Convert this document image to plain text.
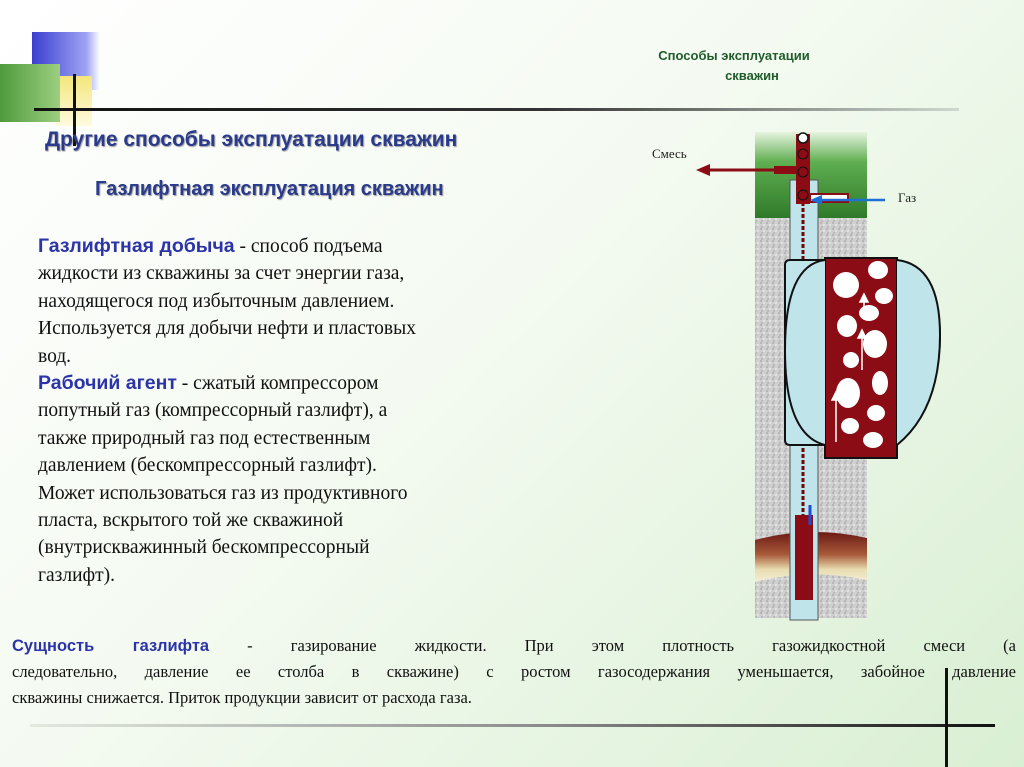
Способы эксплуатации
скважин
Другие способы эксплуатации скважин
Газлифтная эксплуатация скважин
Газлифтная добыча - способ подъема
жидкости из скважины за счет энергии газа,
находящегося под избыточным давлением.
Используется для добычи нефти и пластовых
вод.
Рабочий агент - сжатый компрессором
попутный газ (компрессорный газлифт), а
также природный газ под естественным
давлением (бескомпрессорный газлифт).
Может использоваться газ из продуктивного
пласта, вскрытого той же скважиной
(внутрискважинный бескомпрессорный
газлифт).
Сущность газлифта - газирование жидкости. При этом плотность газожидкостной смеси (а
следовательно, давление ее столба в скважине) с ростом газосодержания уменьшается, забойное давление
скважины снижается. Приток продукции зависит от расхода газа.
Смесь
Газ
